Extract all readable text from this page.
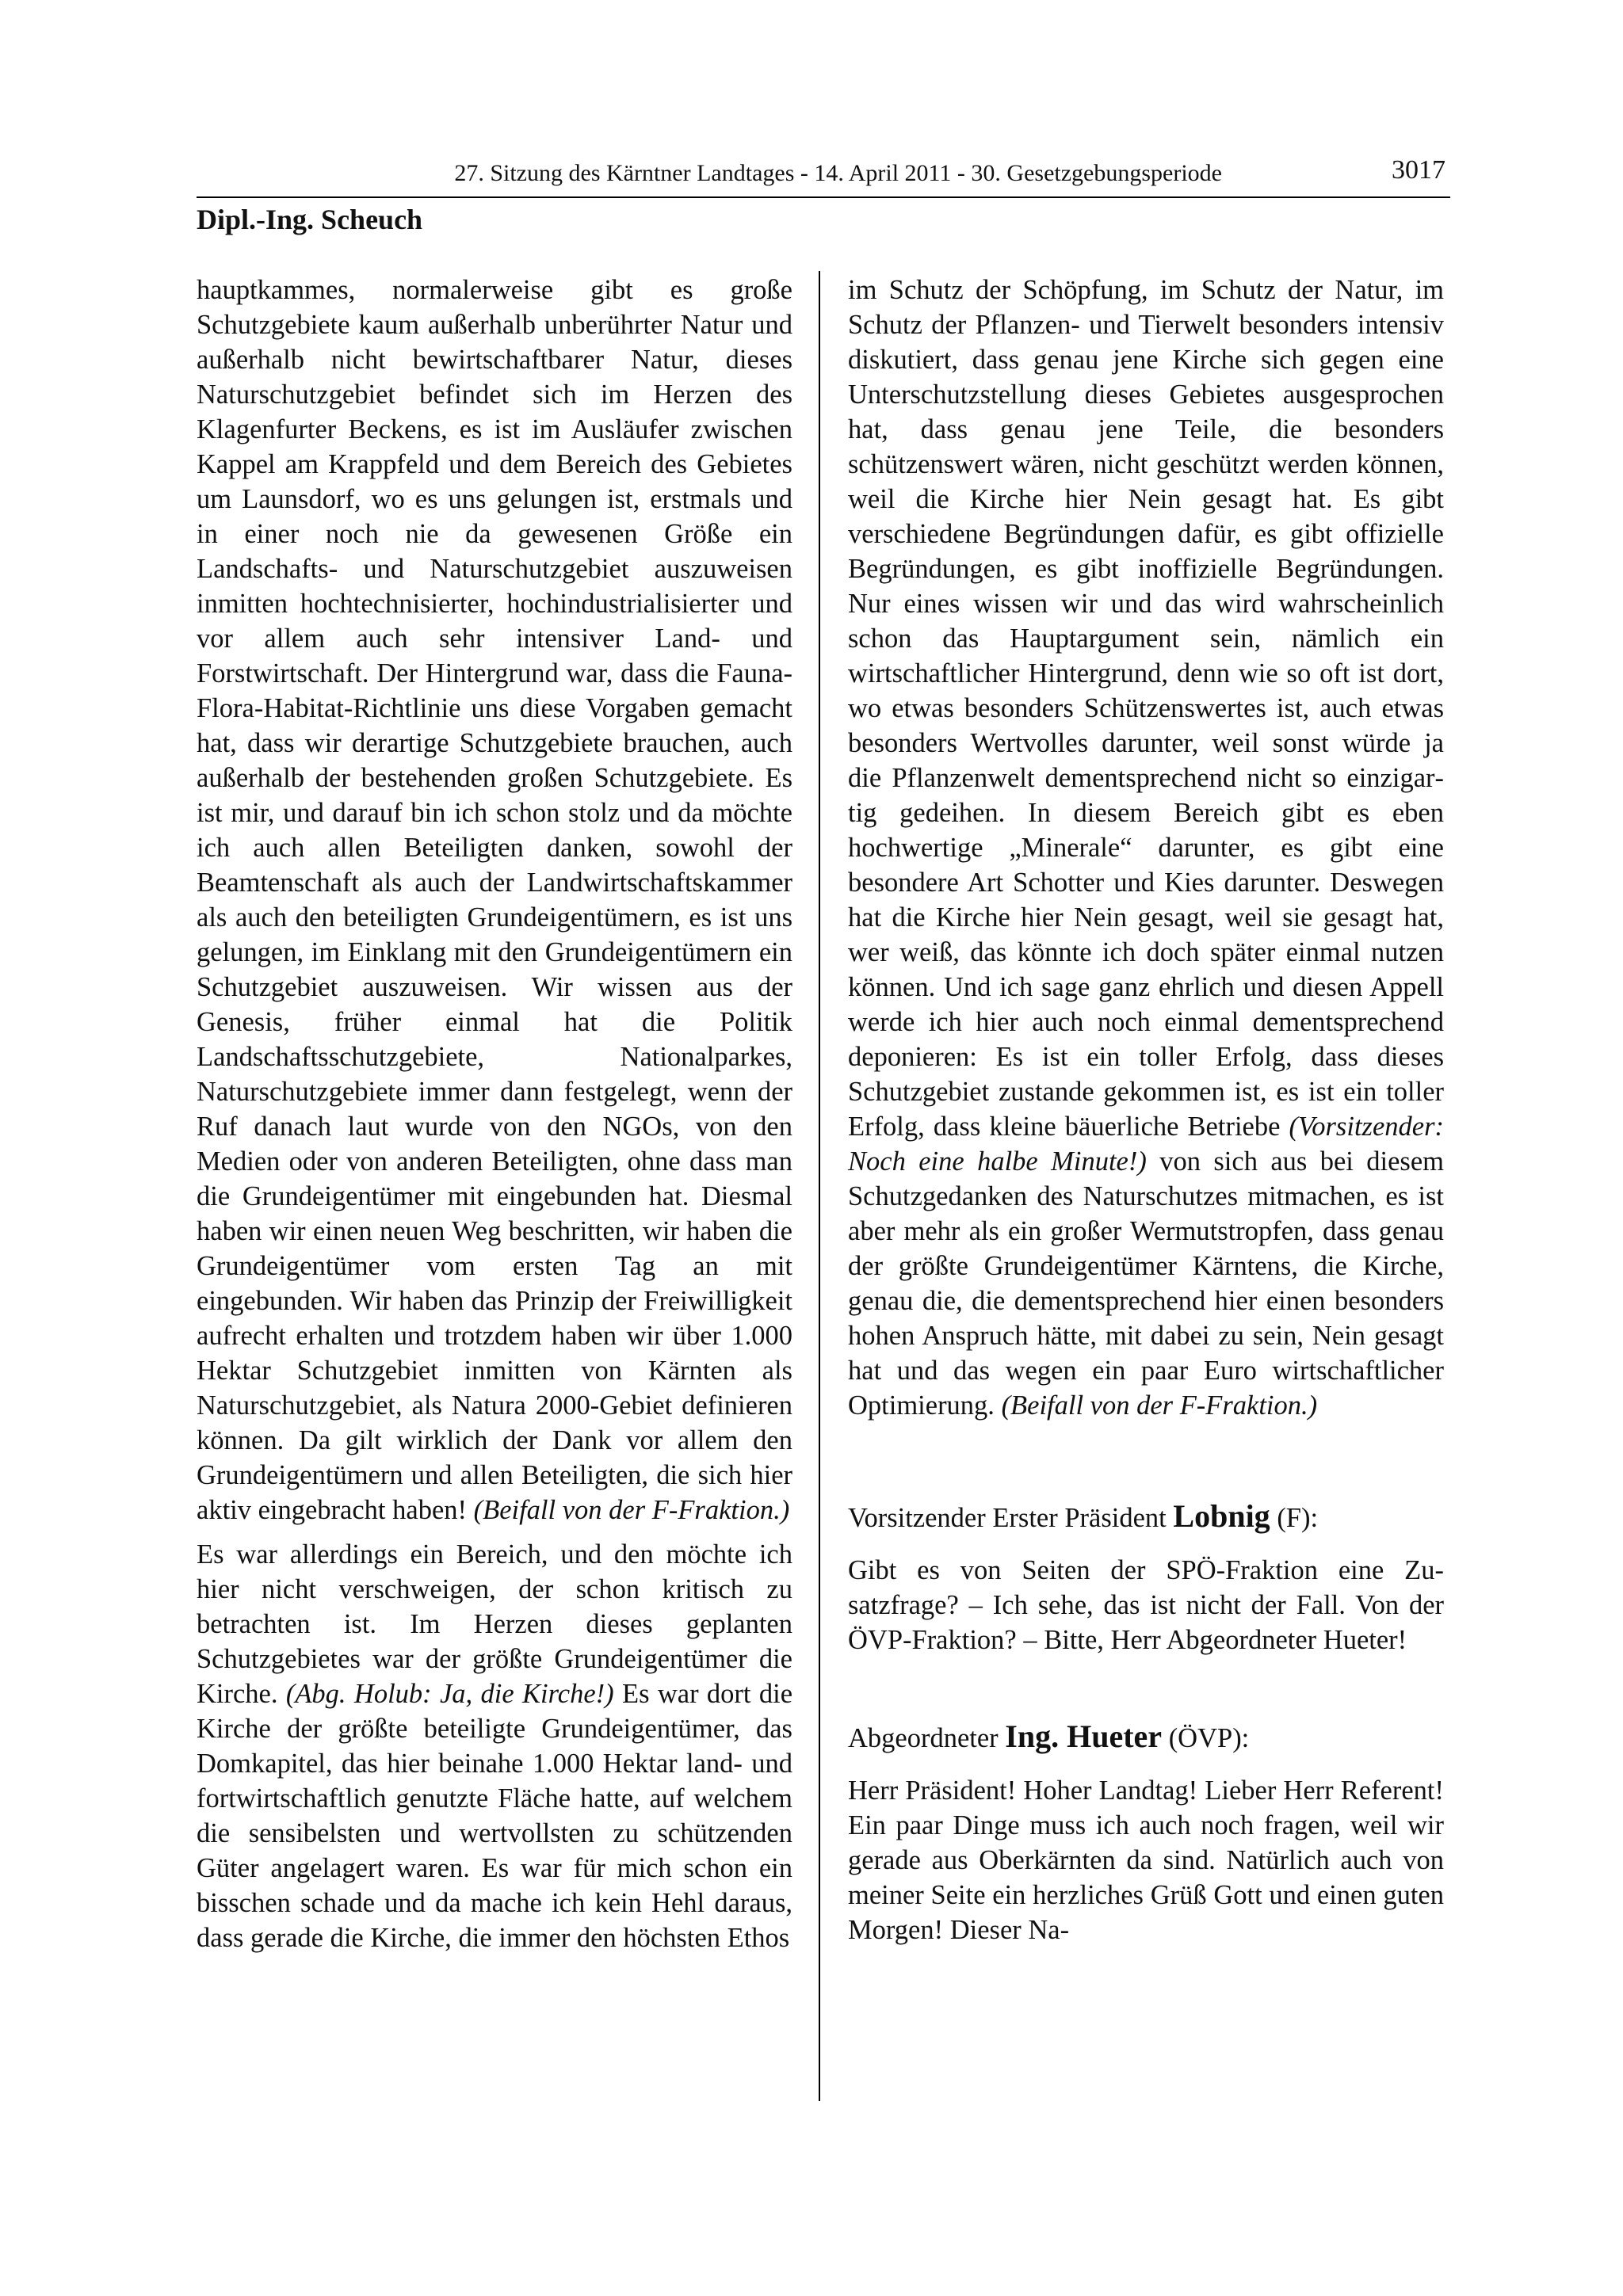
27. Sitzung des Kärntner Landtages - 14. April 2011 - 30. Gesetzgebungsperiode	3017
Dipl.-Ing. Scheuch

hauptkammes, normalerweise gibt es große Schutzgebiete kaum außerhalb unberührter Natur und außerhalb nicht bewirtschaftbarer Natur, dieses Naturschutzgebiet befindet sich im Herzen des Klagenfurter Beckens, es ist im Ausläufer zwischen Kappel am Krappfeld und dem Bereich des Gebietes um Launsdorf, wo es uns gelungen ist, erstmals und in einer noch nie da gewesenen Größe ein Landschafts- und Naturschutzgebiet auszuweisen inmitten hochtechnisierter, hochindustrialisierter und vor allem auch sehr intensiver Land- und Forstwirtschaft. Der Hintergrund war, dass die Fauna-Flora-Habitat-Richtlinie uns diese Vorgaben gemacht hat, dass wir derartige Schutzgebiete brauchen, auch außerhalb der bestehenden großen Schutzgebiete. Es ist mir, und darauf bin ich schon stolz und da möchte ich auch allen Beteiligten danken, sowohl der Beamtenschaft als auch der Landwirtschaftskammer als auch den beteiligten Grundeigentümern, es ist uns gelungen, im Einklang mit den Grundeigentümern ein Schutzgebiet auszuweisen. Wir wissen aus der Genesis, früher einmal hat die Politik Landschaftsschutzgebiete, Nationalparkes, Naturschutzgebiete immer dann festgelegt, wenn der Ruf danach laut wurde von den NGOs, von den Medien oder von anderen Beteiligten, ohne dass man die Grundeigentümer mit eingebunden hat. Diesmal haben wir einen neuen Weg beschritten, wir haben die Grundeigentümer vom ersten Tag an mit eingebunden. Wir haben das Prinzip der Freiwilligkeit aufrecht erhalten und trotzdem haben wir über 1.000 Hektar Schutzgebiet inmitten von Kärnten als Naturschutzgebiet, als Natura 2000-Gebiet definieren können. Da gilt wirklich der Dank vor allem den Grundeigentümern und allen Beteiligten, die sich hier aktiv eingebracht haben! (Beifall von der F-Fraktion.)

Es war allerdings ein Bereich, und den möchte ich hier nicht verschweigen, der schon kritisch zu betrachten ist. Im Herzen dieses geplanten Schutzgebietes war der größte Grundeigentümer die Kirche. (Abg. Holub: Ja, die Kirche!) Es war dort die Kirche der größte beteiligte Grundeigentümer, das Domkapitel, das hier beinahe 1.000 Hektar land- und fortwirtschaftlich genutzte Fläche hatte, auf welchem die sensibelsten und wertvollsten zu schützenden Güter angelagert waren. Es war für mich schon ein bisschen schade und da mache ich kein Hehl daraus, dass gerade die Kirche, die immer den höchsten Ethos

im Schutz der Schöpfung, im Schutz der Natur, im Schutz der Pflanzen- und Tierwelt besonders intensiv diskutiert, dass genau jene Kirche sich gegen eine Unterschutzstellung dieses Gebietes ausgesprochen hat, dass genau jene Teile, die besonders schützenswert wären, nicht geschützt werden können, weil die Kirche hier Nein gesagt hat. Es gibt verschiedene Begründungen dafür, es gibt offizielle Begründungen, es gibt inoffizielle Begründungen. Nur eines wissen wir und das wird wahrscheinlich schon das Hauptargument sein, nämlich ein wirtschaftlicher Hintergrund, denn wie so oft ist dort, wo etwas besonders Schützenswertes ist, auch etwas besonders Wertvolles darunter, weil sonst würde ja die Pflanzenwelt dementsprechend nicht so einzigartig gedeihen. In diesem Bereich gibt es eben hochwertige „Minerale“ darunter, es gibt eine besondere Art Schotter und Kies darunter. Deswegen hat die Kirche hier Nein gesagt, weil sie gesagt hat, wer weiß, das könnte ich doch später einmal nutzen können. Und ich sage ganz ehrlich und diesen Appell werde ich hier auch noch einmal dementsprechend deponieren: Es ist ein toller Erfolg, dass dieses Schutzgebiet zustande gekommen ist, es ist ein toller Erfolg, dass kleine bäuerliche Betriebe (Vorsitzender: Noch eine halbe Minute!) von sich aus bei diesem Schutzgedanken des Naturschutzes mitmachen, es ist aber mehr als ein großer Wermutstropfen, dass genau der größte Grundeigentümer Kärntens, die Kirche, genau die, die dementsprechend hier einen besonders hohen Anspruch hätte, mit dabei zu sein, Nein gesagt hat und das wegen ein paar Euro wirtschaftlicher Optimierung. (Beifall von der F-Fraktion.)

Vorsitzender Erster Präsident Lobnig (F):

Gibt es von Seiten der SPÖ-Fraktion eine Zusatzfrage? – Ich sehe, das ist nicht der Fall. Von der ÖVP-Fraktion? – Bitte, Herr Abgeordneter Hueter!

Abgeordneter Ing. Hueter (ÖVP):

Herr Präsident! Hoher Landtag! Lieber Herr Referent! Ein paar Dinge muss ich auch noch fragen, weil wir gerade aus Oberkärnten da sind. Natürlich auch von meiner Seite ein herzliches Grüß Gott und einen guten Morgen! Dieser Na-
